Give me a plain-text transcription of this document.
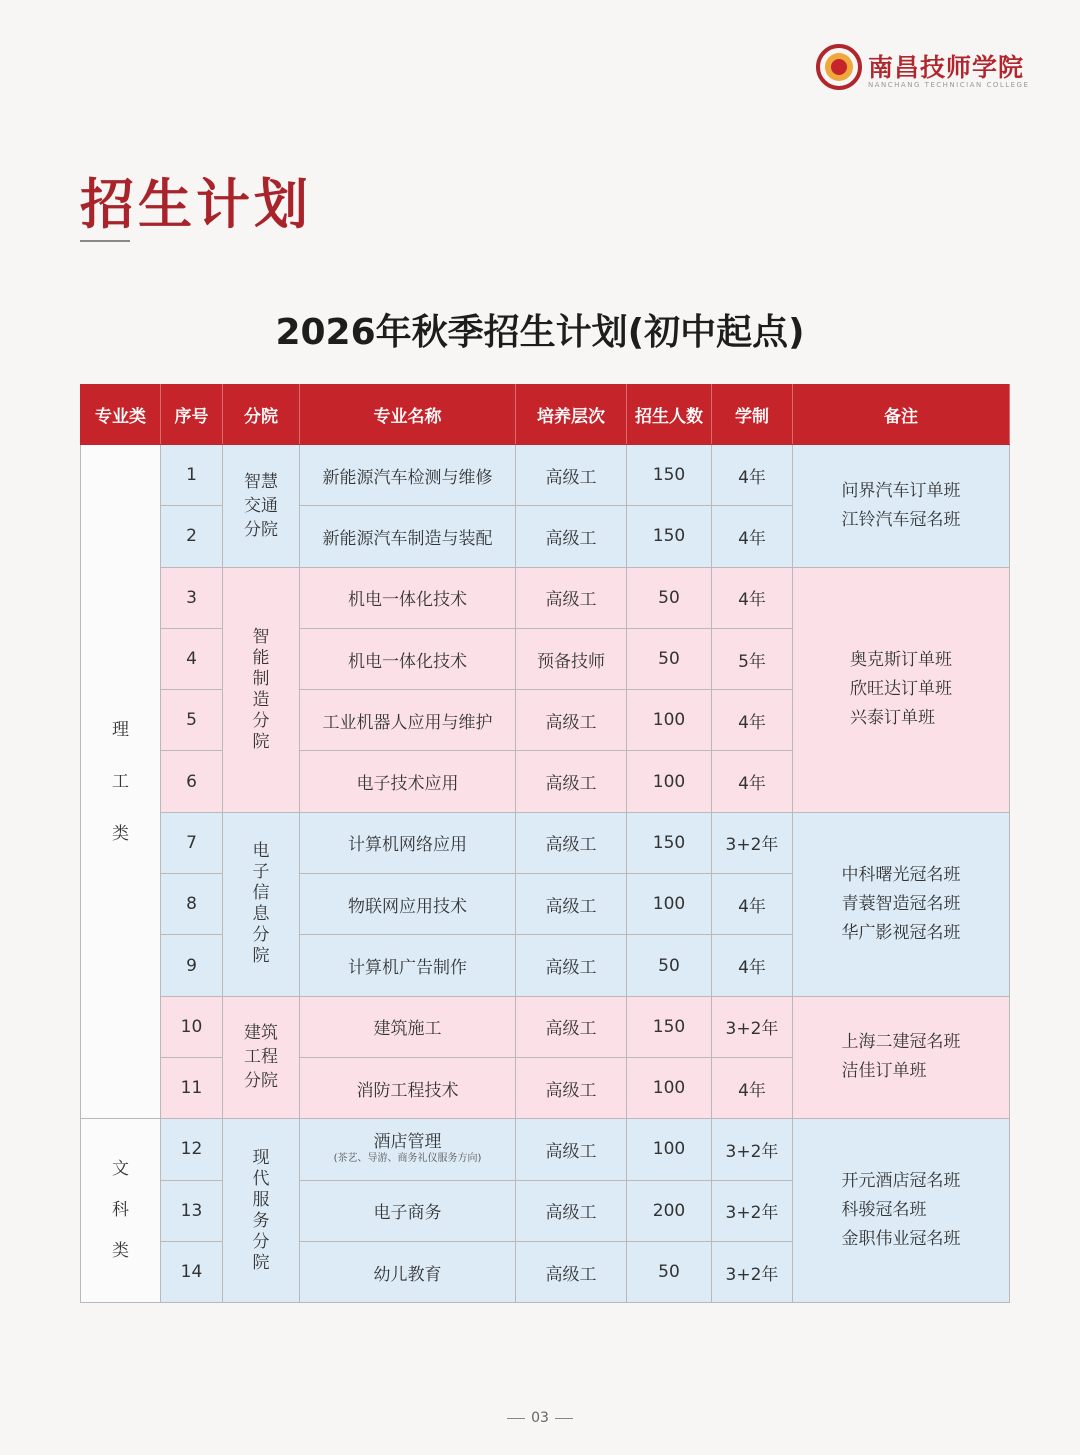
南昌技师学院
NANCHANG TECHNICIAN COLLEGE
招生计划
2026年秋季招生计划(初中起点)
专业类	序号	分院	专业名称	培养层次	招生人数	学制	备注
理工类	1	智慧交通分院	新能源汽车检测与维修	高级工	150	4年	问界汽车订单班
江铃汽车冠名班
	2		新能源汽车制造与装配	高级工	150	4年	
	3	智能制造分院	机电一体化技术	高级工	50	4年	奥克斯订单班
欣旺达订单班
兴泰订单班
	4		机电一体化技术	预备技师	50	5年	
	5		工业机器人应用与维护	高级工	100	4年	
	6		电子技术应用	高级工	100	4年	
	7	电子信息分院	计算机网络应用	高级工	150	3+2年	中科曙光冠名班
青蓑智造冠名班
华广影视冠名班
	8		物联网应用技术	高级工	100	4年	
	9		计算机广告制作	高级工	50	4年	
	10	建筑工程分院	建筑施工	高级工	150	3+2年	上海二建冠名班
洁佳订单班
	11		消防工程技术	高级工	100	4年	
文科类	12	现代服务分院	酒店管理
(茶艺、导游、商务礼仪服务方向)	高级工	100	3+2年	开元酒店冠名班
科骏冠名班
金职伟业冠名班
	13		电子商务	高级工	200	3+2年	
	14		幼儿教育	高级工	50	3+2年	
03
